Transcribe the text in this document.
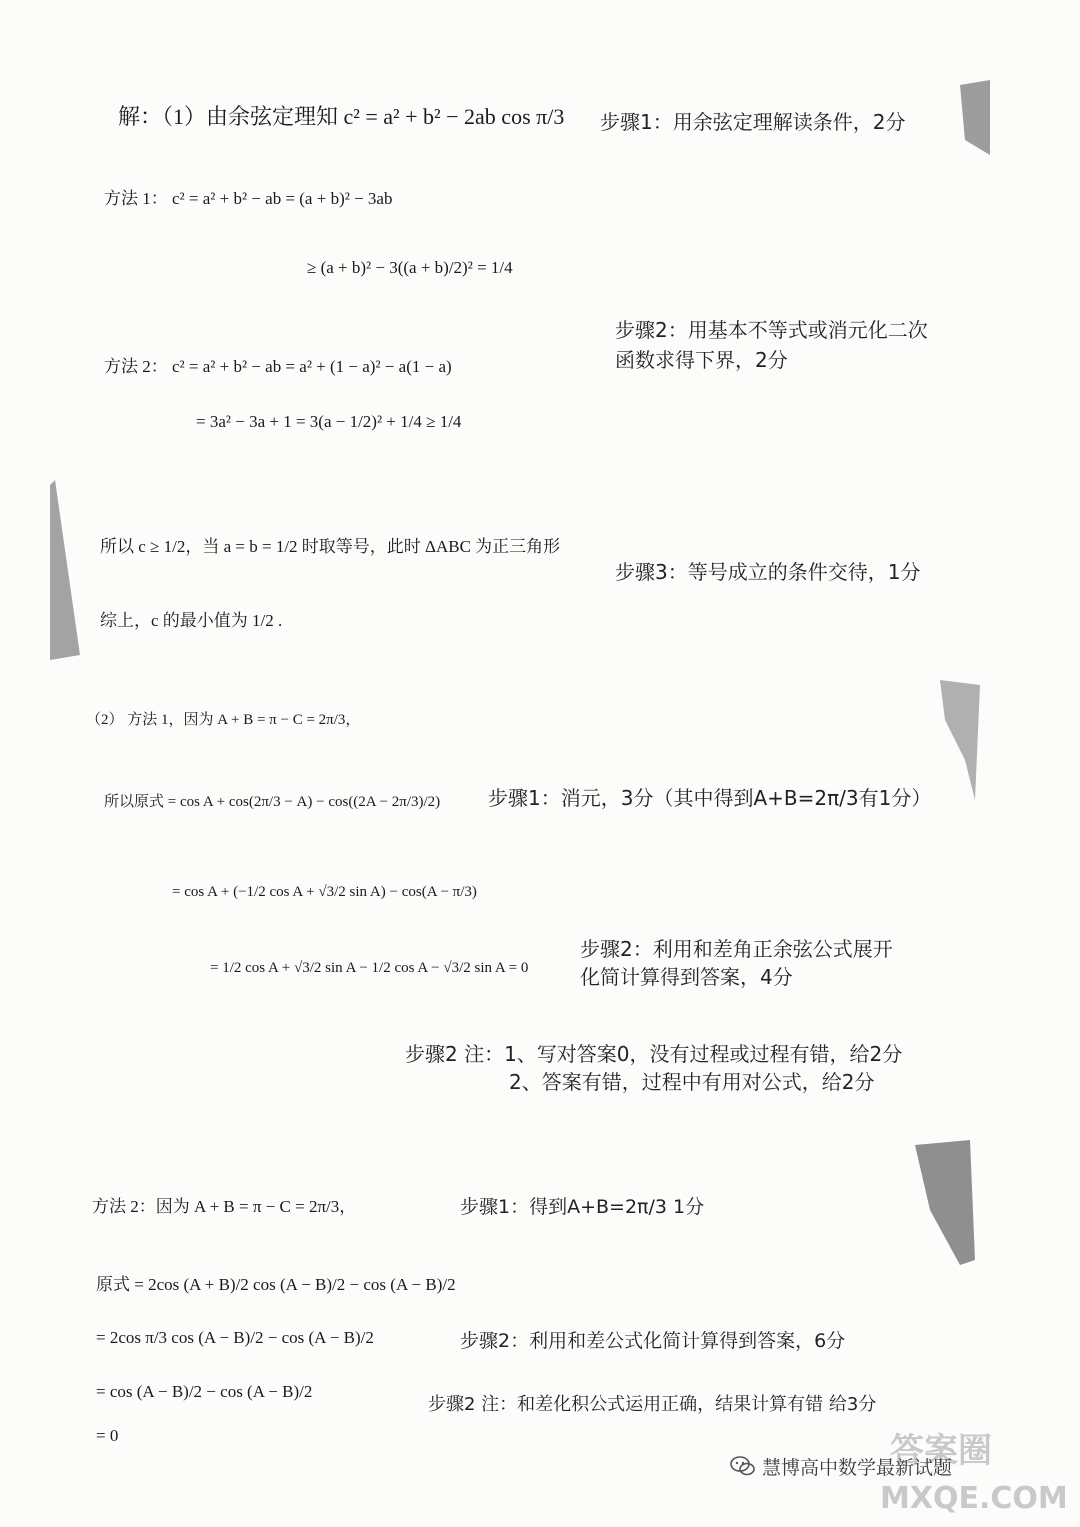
解：（1）由余弦定理知 c² = a² + b² − 2ab cos π/3 步骤1：用余弦定理解读条件，2分
方法 1： c² = a² + b² − ab = (a + b)² − 3ab
≥ (a + b)² − 3((a + b)/2)² = 1/4
步骤2：用基本不等式或消元化二次
函数求得下界，2分
方法 2： c² = a² + b² − ab = a² + (1 − a)² − a(1 − a)
= 3a² − 3a + 1 = 3(a − 1/2)² + 1/4 ≥ 1/4
所以 c ≥ 1/2，当 a = b = 1/2 时取等号，此时 ΔABC 为正三角形
步骤3：等号成立的条件交待，1分
综上，c 的最小值为 1/2 .
（2） 方法 1，因为 A + B = π − C = 2π/3，
所以原式 = cos A + cos(2π/3 − A) − cos((2A − 2π/3)/2) 步骤1：消元，3分（其中得到A+B=2π/3有1分）
= cos A + (−1/2 cos A + √3/2 sin A) − cos(A − π/3)
= 1/2 cos A + √3/2 sin A − 1/2 cos A − √3/2 sin A = 0
步骤2：利用和差角正余弦公式展开
化简计算得到答案，4分
步骤2 注：1、写对答案0，没有过程或过程有错，给2分
2、答案有错，过程中有用对公式，给2分
方法 2：因为 A + B = π − C = 2π/3，	步骤1：得到A+B=2π/3 1分
原式 = 2cos (A + B)/2 cos (A − B)/2 − cos (A − B)/2
= 2cos π/3 cos (A − B)/2 − cos (A − B)/2	步骤2：利用和差公式化简计算得到答案，6分
= cos (A − B)/2 − cos (A − B)/2
步骤2 注：和差化积公式运用正确，结果计算有错 给3分
= 0	答案圈
MXQE.COM
慧博高中数学最新试题
